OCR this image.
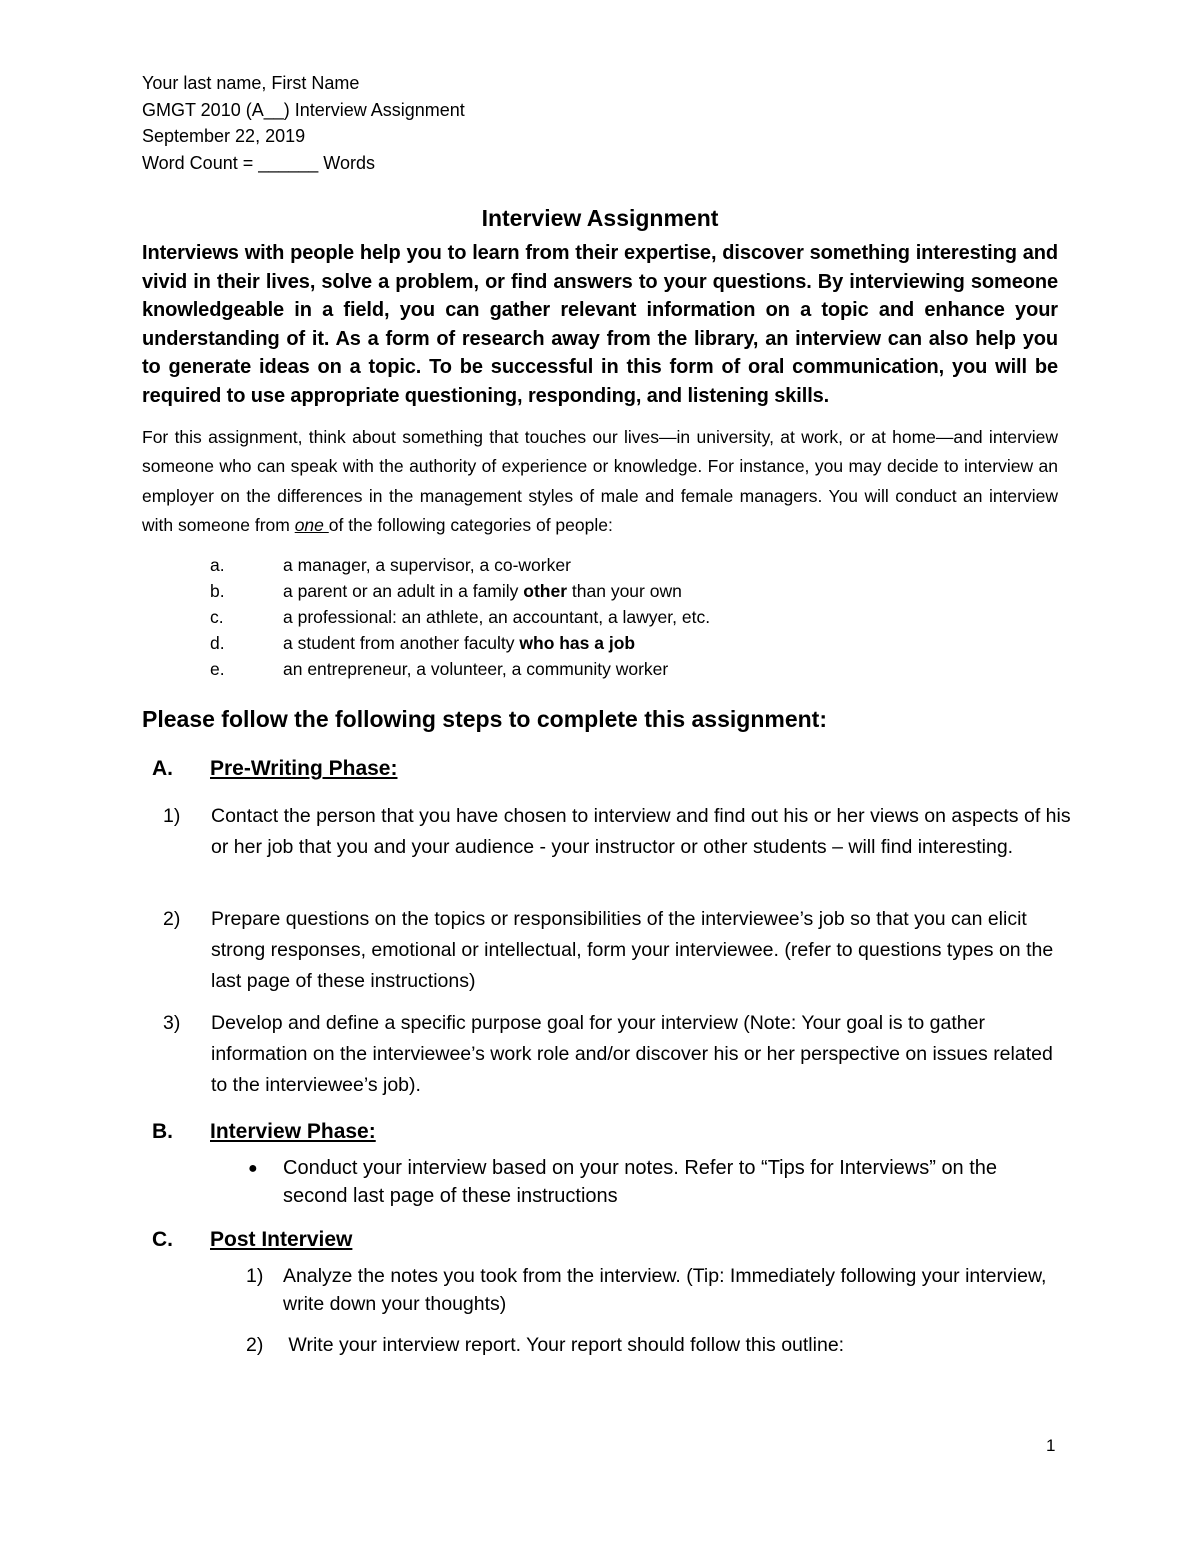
Your last name, First Name
GMGT 2010 (A__) Interview Assignment
September 22, 2019
Word Count = ______ Words
Interview Assignment
Interviews with people help you to learn from their expertise, discover something interesting and vivid in their lives, solve a problem, or find answers to your questions. By interviewing someone knowledgeable in a field, you can gather relevant information on a topic and enhance your understanding of it. As a form of research away from the library, an interview can also help you to generate ideas on a topic. To be successful in this form of oral communication, you will be required to use appropriate questioning, responding, and listening skills.
For this assignment, think about something that touches our lives—in university, at work, or at home—and interview someone who can speak with the authority of experience or knowledge. For instance, you may decide to interview an employer on the differences in the management styles of male and female managers. You will conduct an interview with someone from one of the following categories of people:
a.	a manager, a supervisor, a co-worker
b.	a parent or an adult in a family other than your own
c.	a professional: an athlete, an accountant, a lawyer, etc.
d.	a student from another faculty who has a job
e.	an entrepreneur, a volunteer, a community worker
Please follow the following steps to complete this assignment:
A. Pre-Writing Phase:
1) Contact the person that you have chosen to interview and find out his or her views on aspects of his or her job that you and your audience - your instructor or other students – will find interesting.
2) Prepare questions on the topics or responsibilities of the interviewee’s job so that you can elicit strong responses, emotional or intellectual, form your interviewee. (refer to questions types on the last page of these instructions)
3) Develop and define a specific purpose goal for your interview (Note: Your goal is to gather information on the interviewee’s work role and/or discover his or her perspective on issues related to the interviewee’s job).
B. Interview Phase:
● Conduct your interview based on your notes. Refer to “Tips for Interviews” on the second last page of these instructions
C. Post Interview
1) Analyze the notes you took from the interview. (Tip: Immediately following your interview, write down your thoughts)
2) Write your interview report. Your report should follow this outline:
1
